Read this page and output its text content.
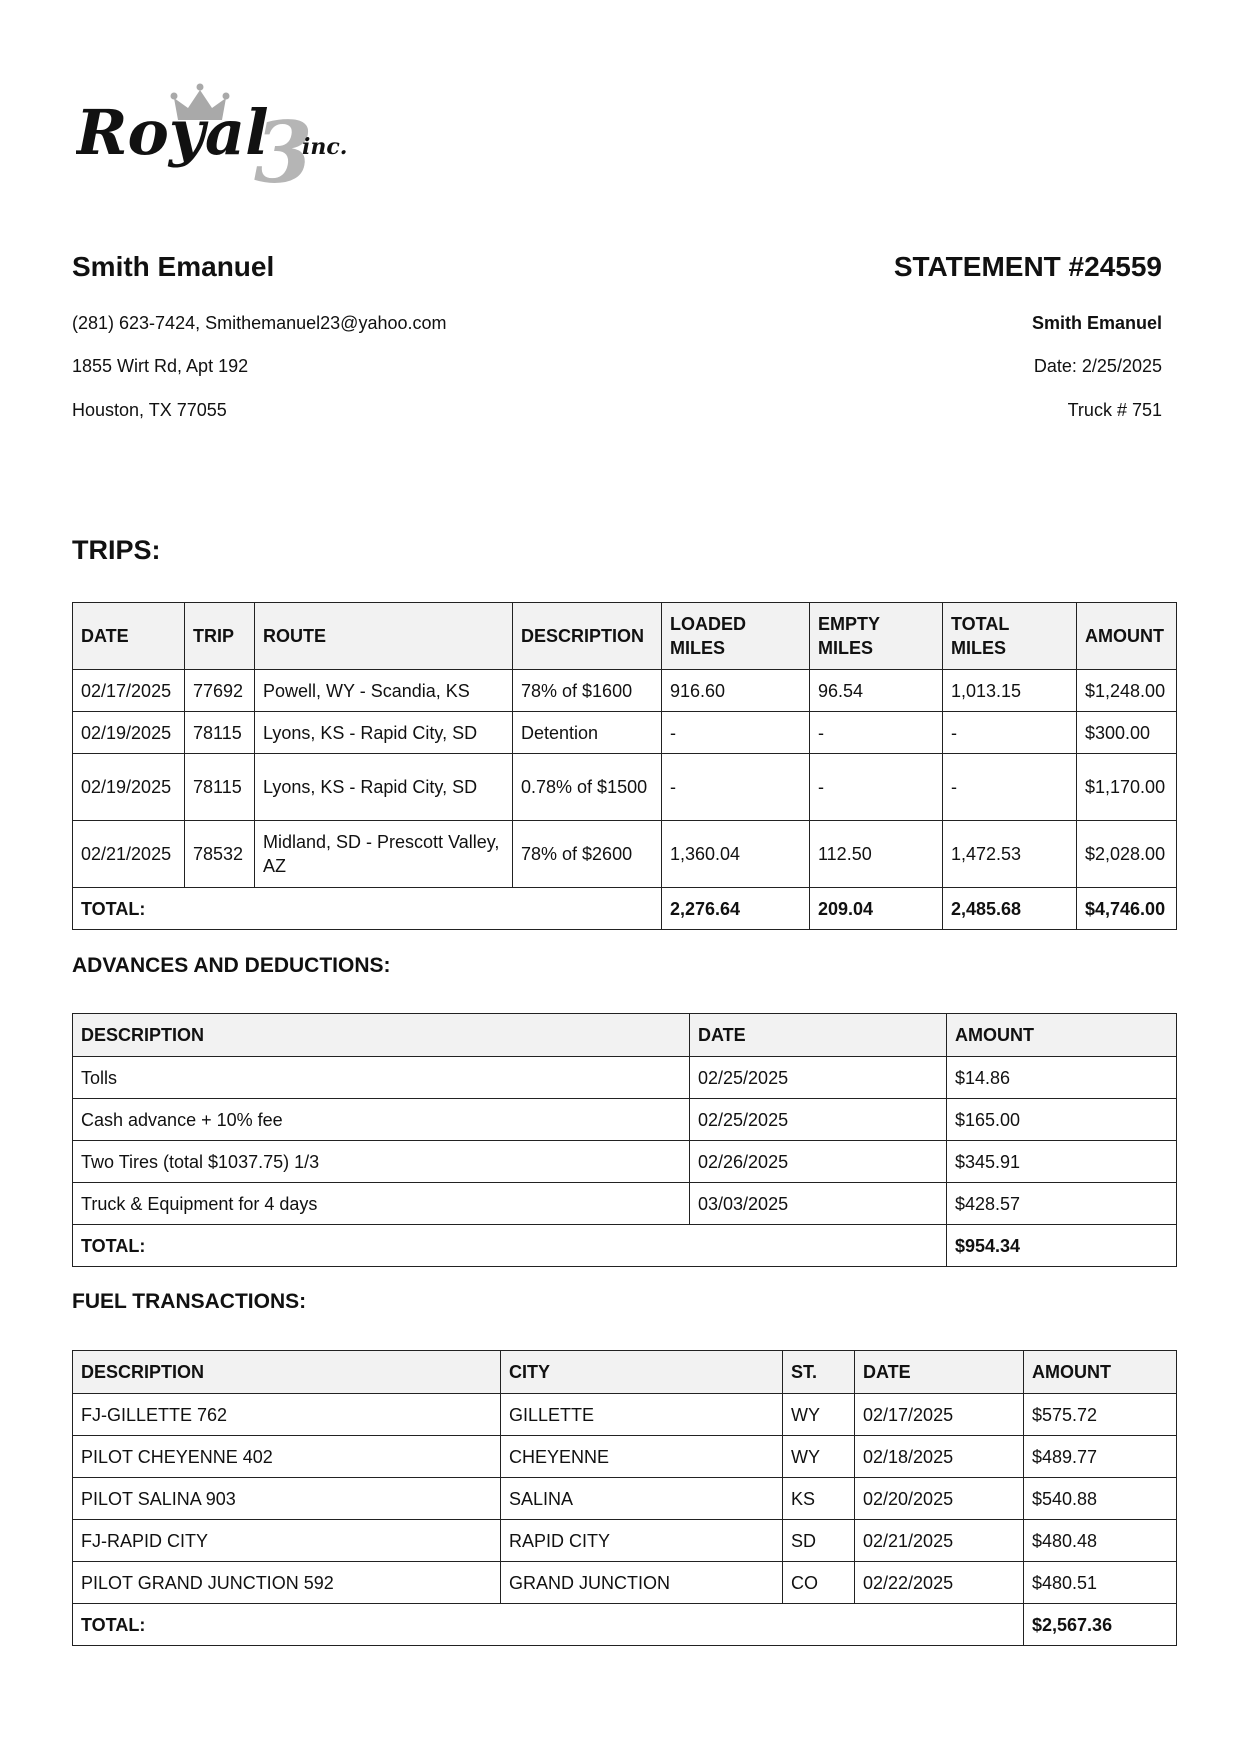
3
Royal inc.

Smith Emanuel

(281) 623-7424, Smithemanuel23@yahoo.com

1855 Wirt Rd, Apt 192

Houston, TX 77055

STATEMENT #24559

Smith Emanuel

Date: 2/25/2025

Truck # 751

TRIPS:
DATE	TRIP	ROUTE	DESCRIPTION	LOADED MILES	EMPTY MILES	TOTAL MILES	AMOUNT
02/17/2025	77692	Powell, WY - Scandia, KS	78% of $1600	916.60	96.54	1,013.15	$1,248.00
02/19/2025	78115	Lyons, KS - Rapid City, SD	Detention	-	-	-	$300.00
02/19/2025	78115	Lyons, KS - Rapid City, SD	0.78% of $1500	-	-	-	$1,170.00
02/21/2025	78532	Midland, SD - Prescott Valley, AZ	78% of $2600	1,360.04	112.50	1,472.53	$2,028.00
TOTAL:				2,276.64	209.04	2,485.68	$4,746.00
ADVANCES AND DEDUCTIONS:
DESCRIPTION	DATE	AMOUNT
Tolls	02/25/2025	$14.86
Cash advance + 10% fee	02/25/2025	$165.00
Two Tires (total $1037.75) 1/3	02/26/2025	$345.91
Truck & Equipment for 4 days	03/03/2025	$428.57
TOTAL:		$954.34
FUEL TRANSACTIONS:
DESCRIPTION	CITY	ST.	DATE	AMOUNT
FJ-GILLETTE 762	GILLETTE	WY	02/17/2025	$575.72
PILOT CHEYENNE 402	CHEYENNE	WY	02/18/2025	$489.77
PILOT SALINA 903	SALINA	KS	02/20/2025	$540.88
FJ-RAPID CITY	RAPID CITY	SD	02/21/2025	$480.48
PILOT GRAND JUNCTION 592	GRAND JUNCTION	CO	02/22/2025	$480.51
TOTAL:				$2,567.36
